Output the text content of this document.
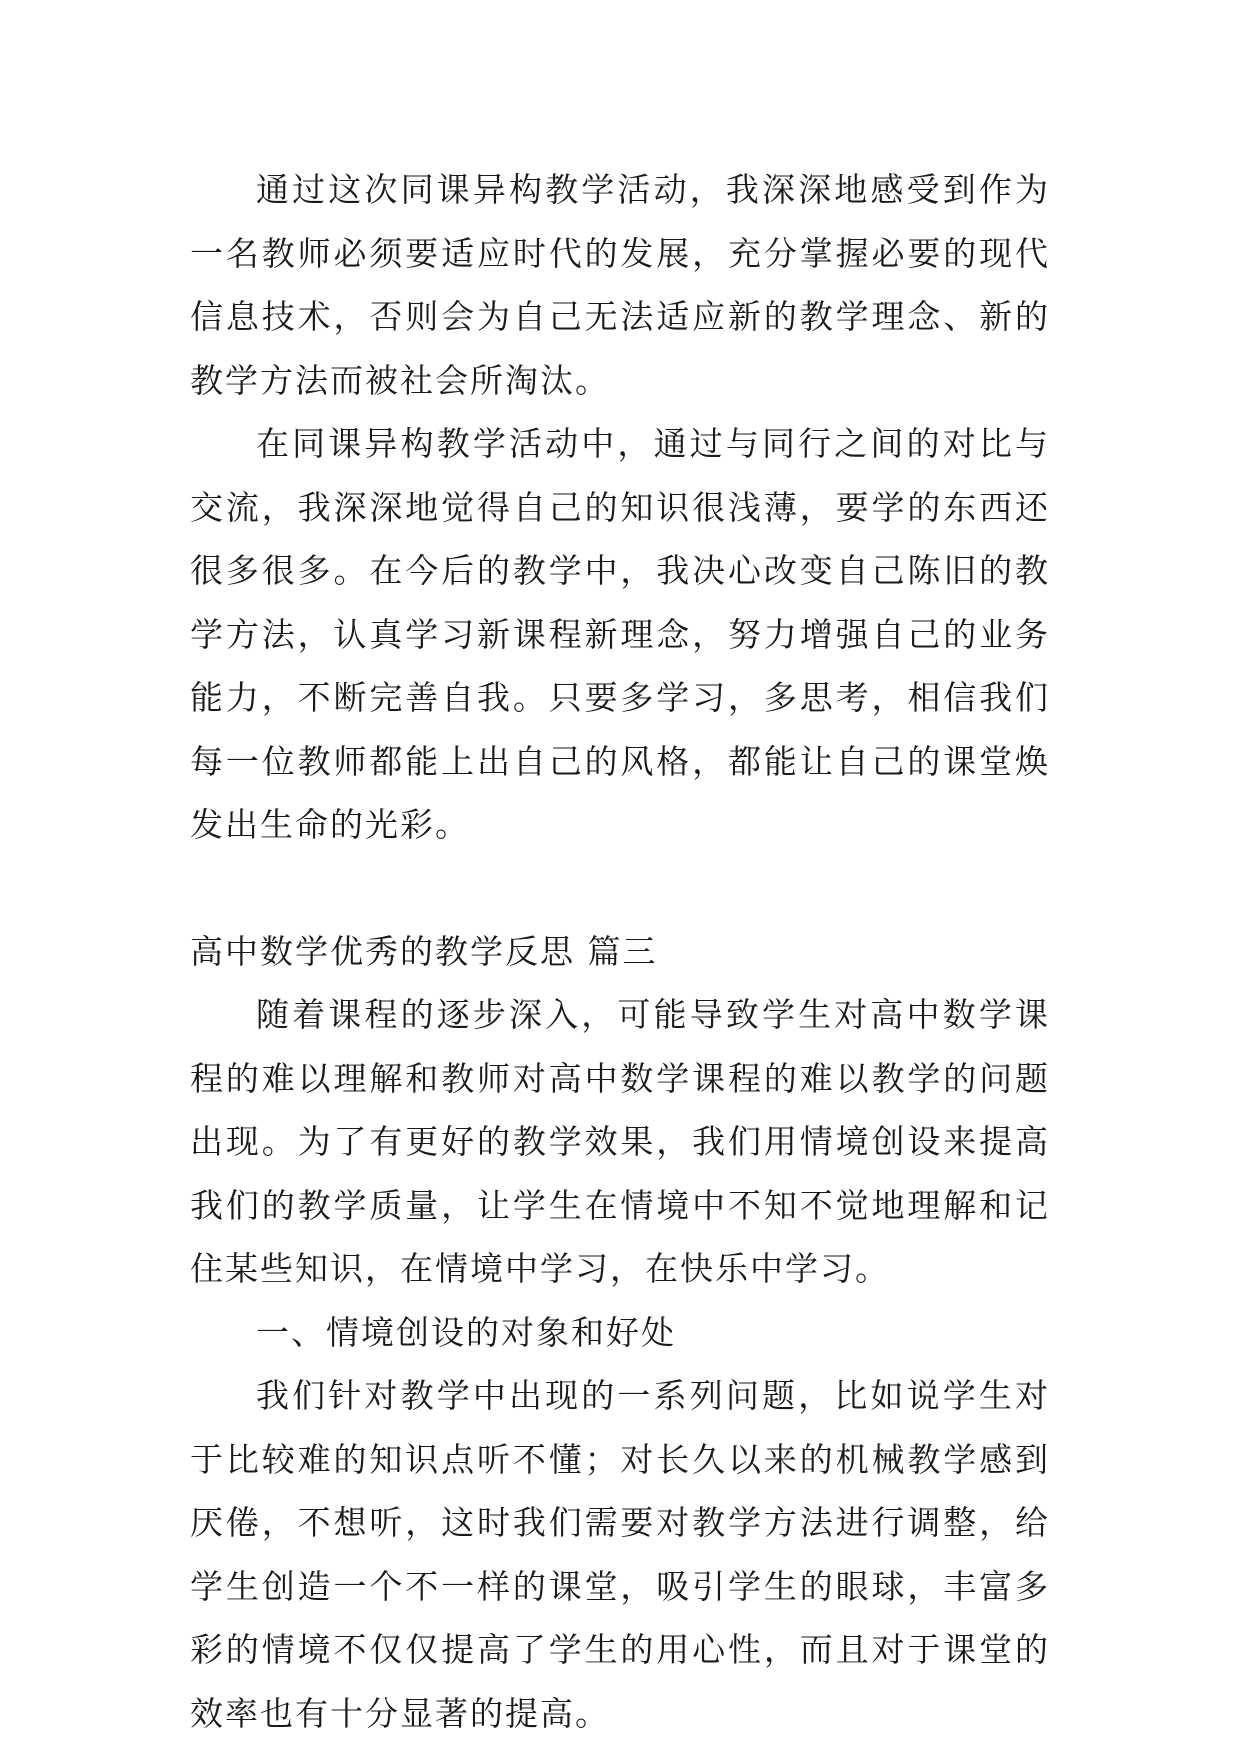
通过这次同课异构教学活动，我深深地感受到作为一名教师必须要适应时代的发展，充分掌握必要的现代信息技术，否则会为自己无法适应新的教学理念、新的教学方法而被社会所淘汰。

在同课异构教学活动中，通过与同行之间的对比与交流，我深深地觉得自己的知识很浅薄，要学的东西还很多很多。在今后的教学中，我决心改变自己陈旧的教学方法，认真学习新课程新理念，努力增强自己的业务能力，不断完善自我。只要多学习，多思考，相信我们每一位教师都能上出自己的风格，都能让自己的课堂焕发出生命的光彩。

高中数学优秀的教学反思 篇三

随着课程的逐步深入，可能导致学生对高中数学课程的难以理解和教师对高中数学课程的难以教学的问题出现。为了有更好的教学效果，我们用情境创设来提高我们的教学质量，让学生在情境中不知不觉地理解和记住某些知识，在情境中学习，在快乐中学习。

一、情境创设的对象和好处

我们针对教学中出现的一系列问题，比如说学生对于比较难的知识点听不懂；对长久以来的机械教学感到厌倦，不想听，这时我们需要对教学方法进行调整，给学生创造一个不一样的课堂，吸引学生的眼球，丰富多彩的情境不仅仅提高了学生的用心性，而且对于课堂的效率也有十分显著的提高。
